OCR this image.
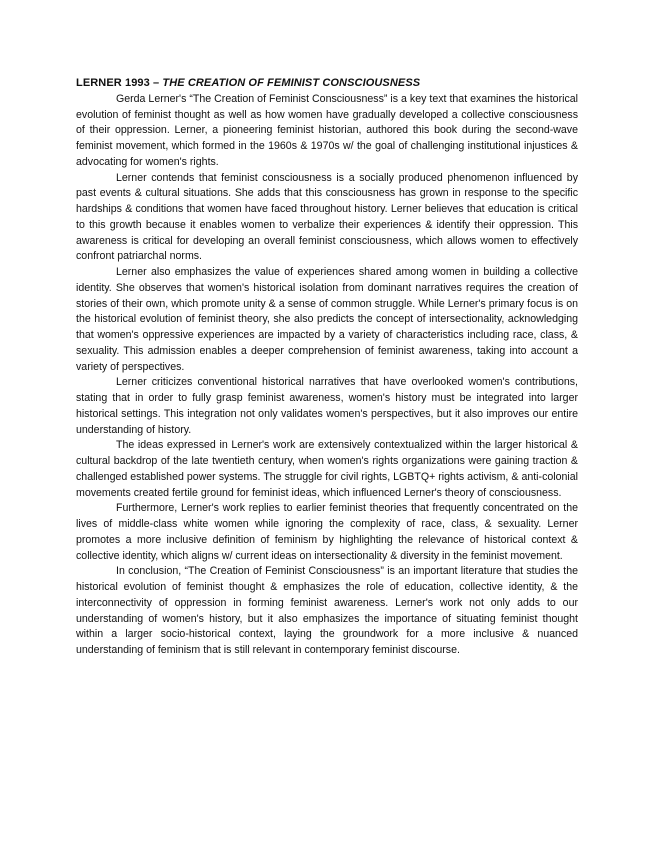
LERNER 1993 – THE CREATION OF FEMINIST CONSCIOUSNESS

Gerda Lerner's “The Creation of Feminist Consciousness” is a key text that examines the historical evolution of feminist thought as well as how women have gradually developed a collective consciousness of their oppression. Lerner, a pioneering feminist historian, authored this book during the second-wave feminist movement, which formed in the 1960s & 1970s w/ the goal of challenging institutional injustices & advocating for women's rights.

Lerner contends that feminist consciousness is a socially produced phenomenon influenced by past events & cultural situations. She adds that this consciousness has grown in response to the specific hardships & conditions that women have faced throughout history. Lerner believes that education is critical to this growth because it enables women to verbalize their experiences & identify their oppression. This awareness is critical for developing an overall feminist consciousness, which allows women to effectively confront patriarchal norms.

Lerner also emphasizes the value of experiences shared among women in building a collective identity. She observes that women's historical isolation from dominant narratives requires the creation of stories of their own, which promote unity & a sense of common struggle. While Lerner's primary focus is on the historical evolution of feminist theory, she also predicts the concept of intersectionality, acknowledging that women's oppressive experiences are impacted by a variety of characteristics including race, class, & sexuality. This admission enables a deeper comprehension of feminist awareness, taking into account a variety of perspectives.

Lerner criticizes conventional historical narratives that have overlooked women's contributions, stating that in order to fully grasp feminist awareness, women's history must be integrated into larger historical settings. This integration not only validates women's perspectives, but it also improves our entire understanding of history.

The ideas expressed in Lerner's work are extensively contextualized within the larger historical & cultural backdrop of the late twentieth century, when women's rights organizations were gaining traction & challenged established power systems. The struggle for civil rights, LGBTQ+ rights activism, & anti-colonial movements created fertile ground for feminist ideas, which influenced Lerner's theory of consciousness.

Furthermore, Lerner's work replies to earlier feminist theories that frequently concentrated on the lives of middle-class white women while ignoring the complexity of race, class, & sexuality. Lerner promotes a more inclusive definition of feminism by highlighting the relevance of historical context & collective identity, which aligns w/ current ideas on intersectionality & diversity in the feminist movement.

In conclusion, “The Creation of Feminist Consciousness” is an important literature that studies the historical evolution of feminist thought & emphasizes the role of education, collective identity, & the interconnectivity of oppression in forming feminist awareness. Lerner's work not only adds to our understanding of women's history, but it also emphasizes the importance of situating feminist thought within a larger socio-historical context, laying the groundwork for a more inclusive & nuanced understanding of feminism that is still relevant in contemporary feminist discourse.
